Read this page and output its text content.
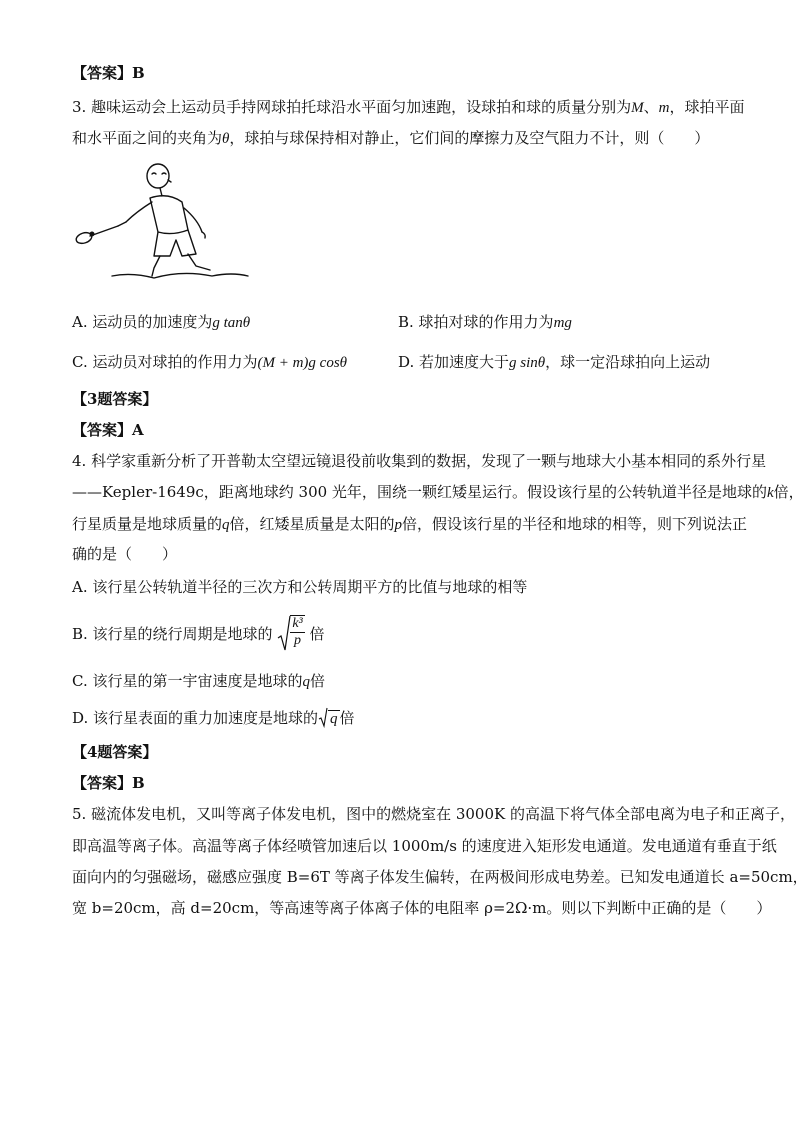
【答案】B
3. 趣味运动会上运动员手持网球拍托球沿水平面匀加速跑，设球拍和球的质量分别为M、m，球拍平面
和水平面之间的夹角为θ，球拍与球保持相对静止，它们间的摩擦力及空气阻力不计，则（　　）
A. 运动员的加速度为g tanθ	B. 球拍对球的作用力为mg
C. 运动员对球拍的作用力为(M + m)g cosθ	D. 若加速度大于g sinθ，球一定沿球拍向上运动
【3题答案】
【答案】A
4. 科学家重新分析了开普勒太空望远镜退役前收集到的数据，发现了一颗与地球大小基本相同的系外行星
——Kepler-1649c，距离地球约 300 光年，围绕一颗红矮星运行。假设该行星的公转轨道半径是地球的k倍，
行星质量是地球质量的q倍，红矮星质量是太阳的p倍，假设该行星的半径和地球的相等，则下列说法正
确的是（　　）
A. 该行星公转轨道半径的三次方和公转周期平方的比值与地球的相等
B. 该行星的绕行周期是地球的 $\frac{\text{k³}}{p}$ 倍
C. 该行星的第一宇宙速度是地球的q倍
D. 该行星表面的重力加速度是地球的 q 倍
【4题答案】
【答案】B
5. 磁流体发电机，又叫等离子体发电机，图中的燃烧室在 3000K 的高温下将气体全部电离为电子和正离子，
即高温等离子体。高温等离子体经喷管加速后以 1000m/s 的速度进入矩形发电通道。发电通道有垂直于纸
面向内的匀强磁场，磁感应强度 B=6T 等离子体发生偏转，在两极间形成电势差。已知发电通道长 a=50cm，
宽 b=20cm，高 d=20cm，等高速等离子体离子体的电阻率 ρ=2Ω·m。则以下判断中正确的是（　　）
